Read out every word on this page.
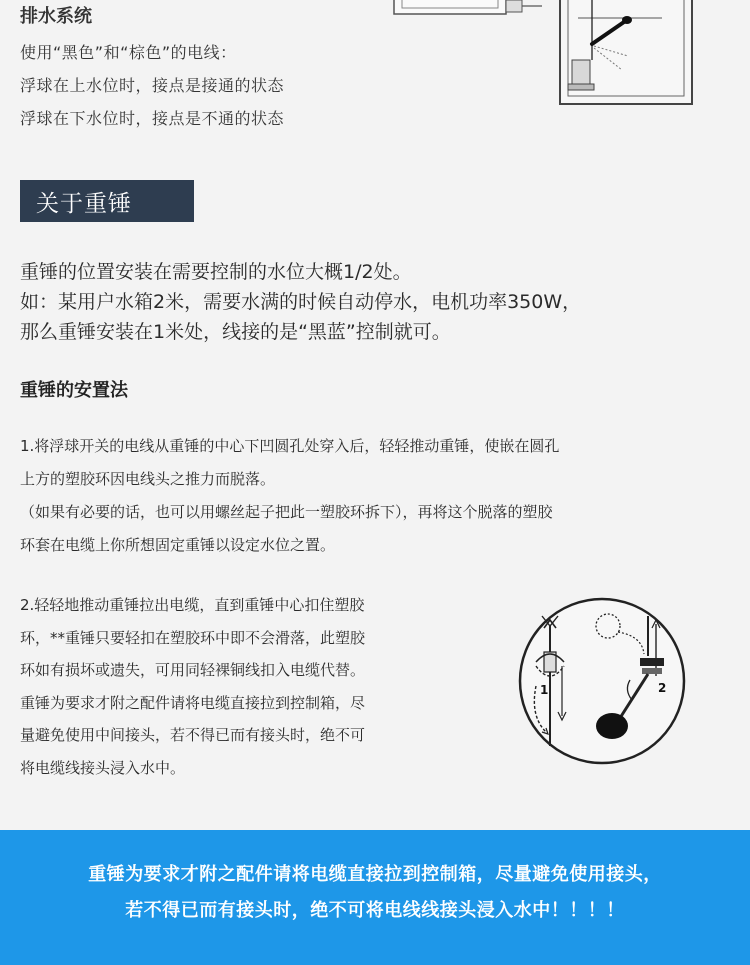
排水系统
使用“黑色”和“棕色”的电线：
浮球在上水位时，接点是接通的状态
浮球在下水位时，接点是不通的状态
关于重锤
重锤的位置安装在需要控制的水位大概1/2处。
如：某用户水箱2米，需要水满的时候自动停水，电机功率350W，
那么重锤安装在1米处，线接的是“黑蓝”控制就可。
重锤的安置法
1.将浮球开关的电线从重锤的中心下凹圆孔处穿入后，轻轻推动重锤，使嵌在圆孔
上方的塑胶环因电线头之推力而脱落。
（如果有必要的话，也可以用螺丝起子把此一塑胶环拆下），再将这个脱落的塑胶
环套在电缆上你所想固定重锤以设定水位之置。
2.轻轻地推动重锤拉出电缆，直到重锤中心扣住塑胶
环，**重锤只要轻扣在塑胶环中即不会滑落，此塑胶
环如有损坏或遗失，可用同轻裸铜线扣入电缆代替。
重锤为要求才附之配件请将电缆直接拉到控制箱，尽
量避免使用中间接头，若不得已而有接头时，绝不可
将电缆线接头浸入水中。
1	2
重锤为要求才附之配件请将电缆直接拉到控制箱，尽量避免使用接头，
若不得已而有接头时，绝不可将电线线接头浸入水中！！！！
